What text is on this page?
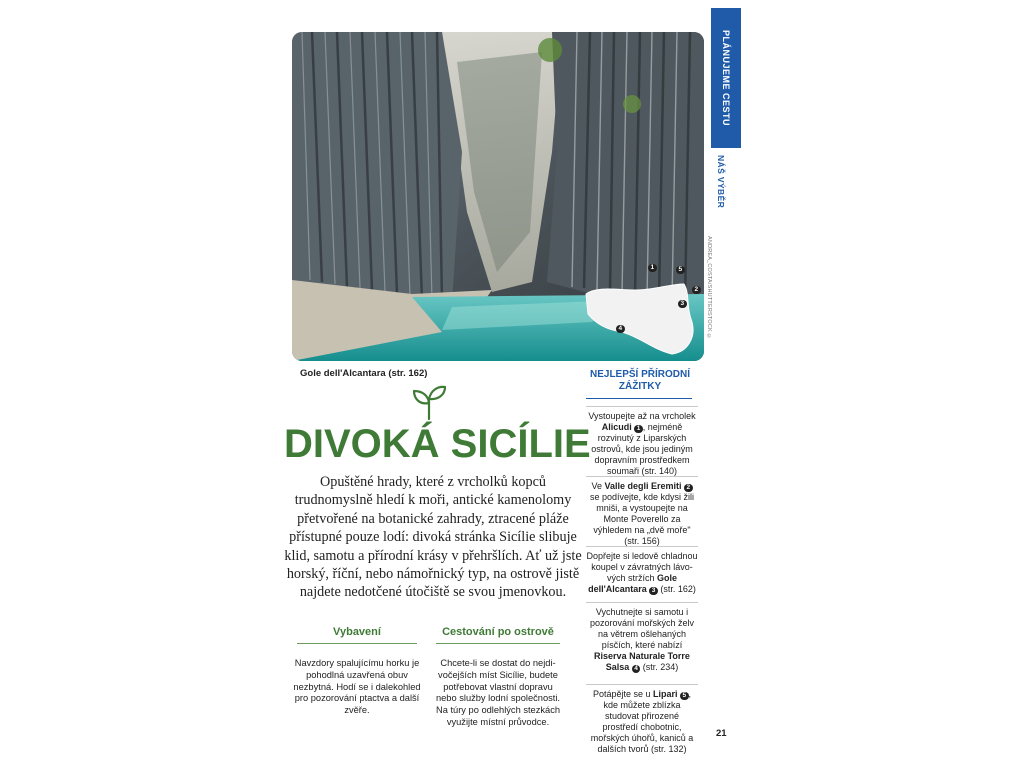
1	5
2
3
4	ANDREA_COSTA/SHUTTERSTOCK ©
Gole dell'Alcantara (str. 162)
PLÁNUJEME CESTU
NÁŠ VÝBĚR
DIVOKÁ SICÍLIE
Opuštěné hrady, které z vrcholků kopců trudnomyslně hledí k moři, antické kamenolomy přetvořené na botanické zahrady, ztracené pláže přístupné pouze lodí: divoká stránka Sicílie slibuje klid, samotu a přírodní krásy v přehršlích. Ať už jste horský, říční, nebo námořnický typ, na ostrově jistě najdete nedotčené útočiště se svou jmenovkou.
Vybavení
Navzdory spalujícímu horku je pohodlná uzavřená obuv nezbytná. Hodí se i dalekohled pro pozorování ptactva a další zvěře.
Cestování po ostrově
Chcete-li se dostat do nejdivočejších míst Sicílie, budete potřebovat vlastní dopravu nebo služby lodní společnosti. Na túry po odlehlých stezkách využijte místní průvodce.
NEJLEPŠÍ PŘÍRODNÍ ZÁŽITKY
Vystoupejte až na vrcholek Alicudi 1 , nejméně rozvinutý z Liparských ostrovů, kde jsou jediným dopravním prostředkem soumaři (str. 140)
Ve Valle degli Eremiti 2 se podívejte, kde kdysi žili mniši, a vystoupejte na Monte Poverello za výhledem na „dvě moře" (str. 156)
Dopřejte si ledově chladnou koupel v závratných lávových stržích Gole dell'Alcantara 3 (str. 162)
Vychutnejte si samotu i pozorování mořských želv na větrem ošlehaných písčích, které nabízí Riserva Naturale Torre Salsa 4 (str. 234)
Potápějte se u Lipari 5 , kde můžete zblízka studovat přirozené prostředí chobotnic, mořských úhořů, kaniců a dalších tvorů (str. 132)
21
